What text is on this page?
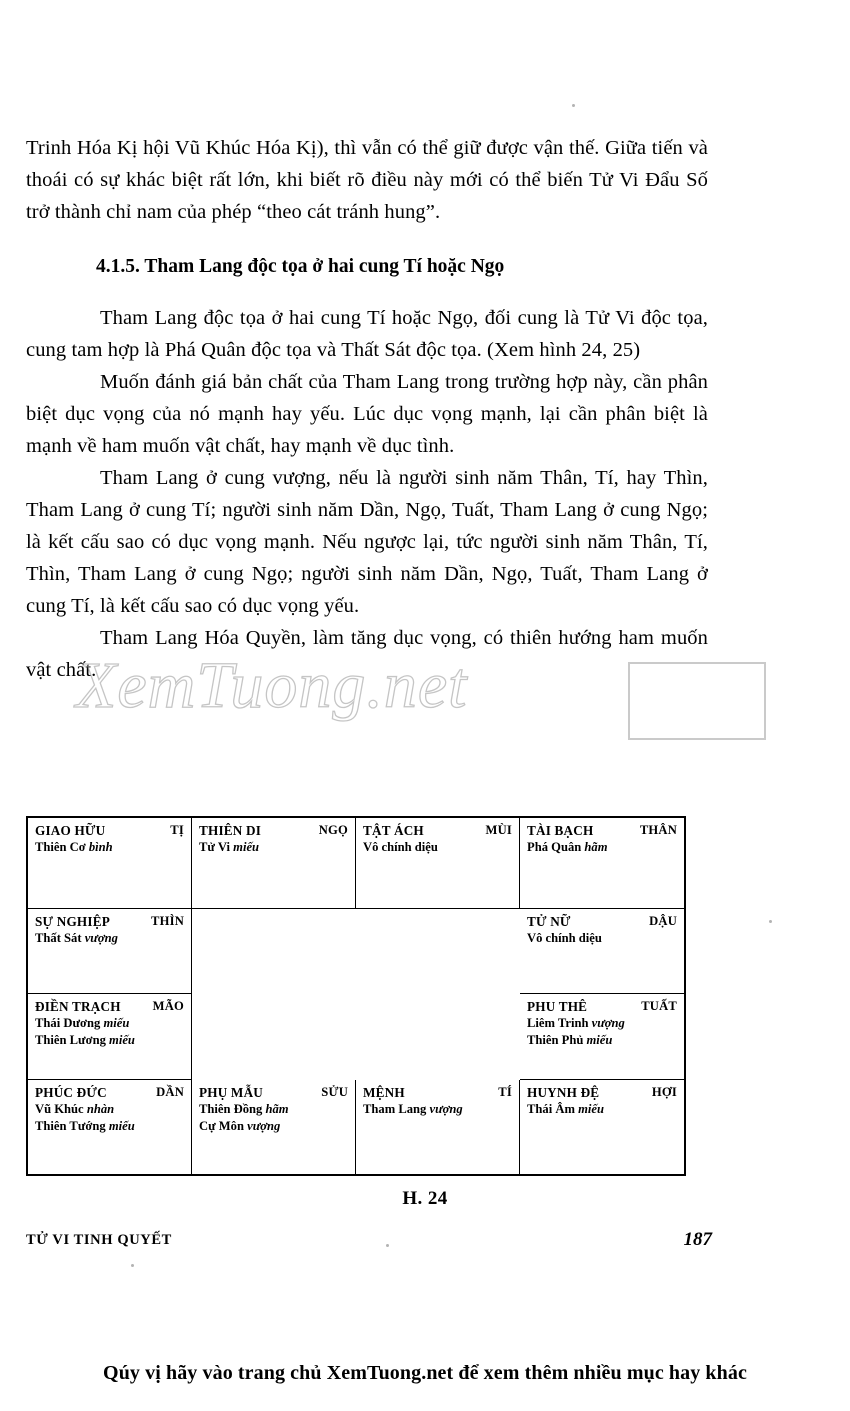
Trinh Hóa Kị hội Vũ Khúc Hóa Kị), thì vẫn có thể giữ được vận thế. Giữa tiến và thoái có sự khác biệt rất lớn, khi biết rõ điều này mới có thể biến Tử Vi Đẩu Số trở thành chỉ nam của phép “theo cát tránh hung”.

4.1.5. Tham Lang độc tọa ở hai cung Tí hoặc Ngọ

Tham Lang độc tọa ở hai cung Tí hoặc Ngọ, đối cung là Tử Vi độc tọa, cung tam hợp là Phá Quân độc tọa và Thất Sát độc tọa. (Xem hình 24, 25)

Muốn đánh giá bản chất của Tham Lang trong trường hợp này, cần phân biệt dục vọng của nó mạnh hay yếu. Lúc dục vọng mạnh, lại cần phân biệt là mạnh về ham muốn vật chất, hay mạnh về dục tình.

Tham Lang ở cung vượng, nếu là người sinh năm Thân, Tí, hay Thìn, Tham Lang ở cung Tí; người sinh năm Dần, Ngọ, Tuất, Tham Lang ở cung Ngọ; là kết cấu sao có dục vọng mạnh. Nếu ngược lại, tức người sinh năm Thân, Tí, Thìn, Tham Lang ở cung Ngọ; người sinh năm Dần, Ngọ, Tuất, Tham Lang ở cung Tí, là kết cấu sao có dục vọng yếu.

Tham Lang Hóa Quyền, làm tăng dục vọng, có thiên hướng ham muốn vật chất.

XemTuong.net
GIAO HỮU	TỊ
Thiên Cơ bình
THIÊN DI	NGỌ
Tử Vi miếu
TẬT ÁCH	MÙI
Vô chính diệu
TÀI BẠCH	THÂN
Phá Quân hãm
SỰ NGHIỆP	THÌN
Thất Sát vượng
TỬ NỮ	DẬU
Vô chính diệu
ĐIỀN TRẠCH	MÃO
Thái Dương miếu
Thiên Lương miếu
PHU THÊ	TUẤT
Liêm Trinh vượng
Thiên Phủ miếu
PHÚC ĐỨC	DẦN
Vũ Khúc nhàn
Thiên Tướng miếu
PHỤ MẪU	SỬU
Thiên Đồng hãm
Cự Môn vượng
MỆNH	TÍ
Tham Lang vượng
HUYNH ĐỆ	HỢI
Thái Âm miếu
H. 24
TỬ VI TINH QUYẾT	187
Qúy vị hãy vào trang chủ XemTuong.net để xem thêm nhiều mục hay khác
